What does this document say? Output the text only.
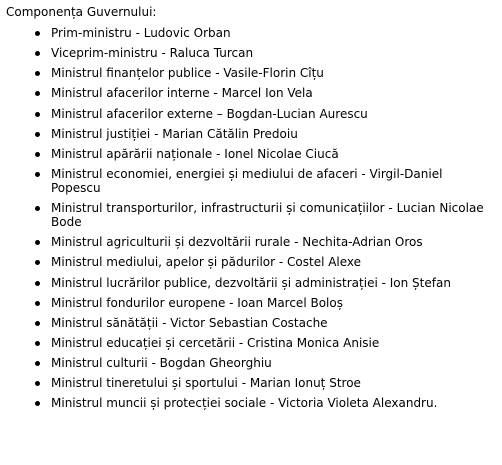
Componența Guvernului:
Prim-ministru - Ludovic Orban
Viceprim-ministru - Raluca Turcan
Ministrul finanțelor publice - Vasile-Florin Cîțu
Ministrul afacerilor interne - Marcel Ion Vela
Ministrul afacerilor externe – Bogdan-Lucian Aurescu
Ministrul justiției - Marian Cătălin Predoiu
Ministrul apărării naționale - Ionel Nicolae Ciucă
Ministrul economiei, energiei și mediului de afaceri - Virgil-Daniel Popescu
Ministrul transporturilor, infrastructurii și comunicațiilor - Lucian Nicolae Bode
Ministrul agriculturii și dezvoltării rurale - Nechita-Adrian Oros
Ministrul mediului, apelor și pădurilor - Costel Alexe
Ministrul lucrărilor publice, dezvoltării și administrației - Ion Ștefan
Ministrul fondurilor europene - Ioan Marcel Boloș
Ministrul sănătății - Victor Sebastian Costache
Ministrul educației și cercetării - Cristina Monica Anisie
Ministrul culturii - Bogdan Gheorghiu
Ministrul tineretului și sportului - Marian Ionuț Stroe
Ministrul muncii și protecției sociale - Victoria Violeta Alexandru.
